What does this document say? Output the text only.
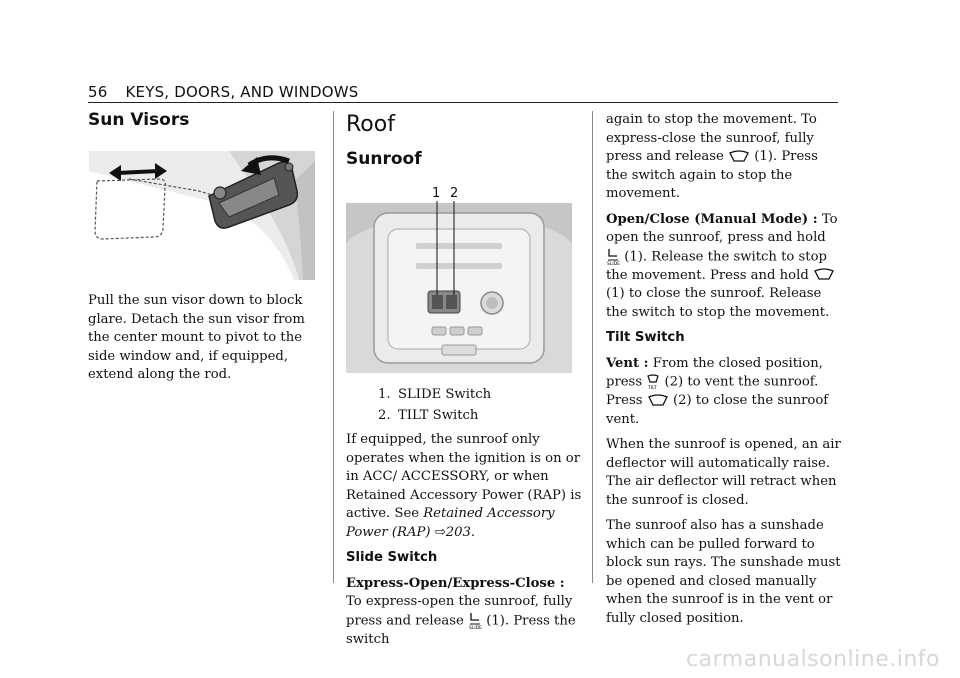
56 KEYS, DOORS, AND WINDOWS
Sun Visors

Pull the sun visor down to block glare. Detach the sun visor from the center mount to pivot to the side window and, if equipped, extend along the rod.

Roof
Sunroof
1 2
1. SLIDE Switch
2. TILT Switch

If equipped, the sunroof only operates when the ignition is on or in ACC/ ACCESSORY, or when Retained Accessory Power (RAP) is active. See Retained Accessory Power (RAP) ⇨203.

Slide Switch

Express-Open/Express-Close : To express-open the sunroof, fully press and release SLIDE (1). Press the switch

again to stop the movement. To express-close the sunroof, fully press and release (1). Press the switch again to stop the movement.

Open/Close (Manual Mode) : To open the sunroof, press and hold
SLIDE (1). Release the switch to stop the movement. Press and hold  (1) to close the sunroof. Release the switch to stop the movement.

Tilt Switch

Vent : From the closed position, press TILT (2) to vent the sunroof. Press (2) to close the sunroof vent.

When the sunroof is opened, an air deflector will automatically raise. The air deflector will retract when the sunroof is closed.

The sunroof also has a sunshade which can be pulled forward to block sun rays. The sunshade must be opened and closed manually when the sunroof is in the vent or fully closed position.

carmanualsonline.info
